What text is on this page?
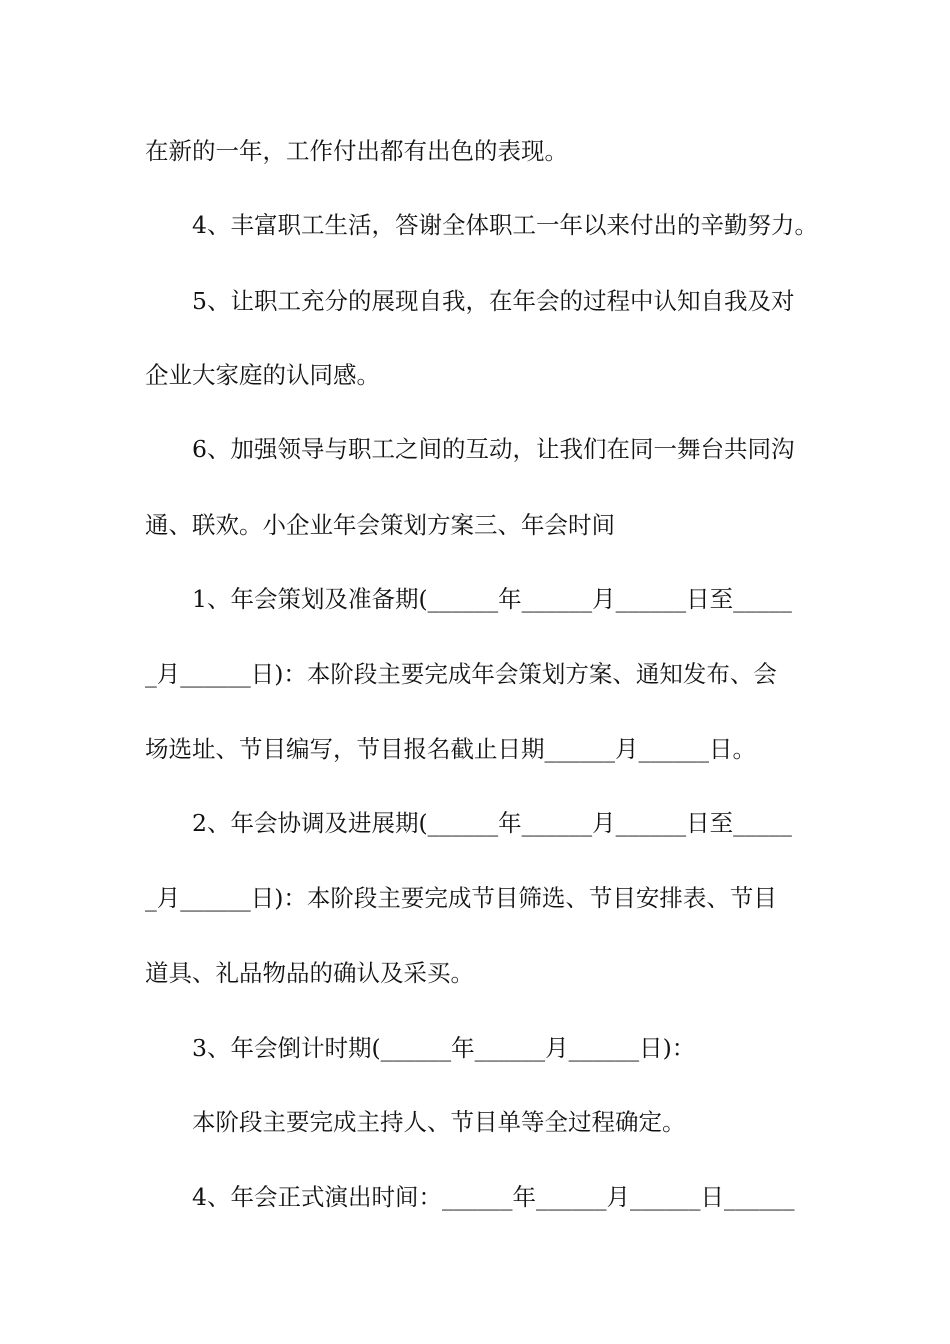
在新的一年，工作付出都有出色的表现。
4、丰富职工生活，答谢全体职工一年以来付出的辛勤努力。
5、让职工充分的展现自我，在年会的过程中认知自我及对
企业大家庭的认同感。
6、加强领导与职工之间的互动，让我们在同一舞台共同沟
通、联欢。小企业年会策划方案三、年会时间
1、年会策划及准备期(______年______月______日至_____
_月______日)：本阶段主要完成年会策划方案、通知发布、会
场选址、节目编写，节目报名截止日期______月______日。
2、年会协调及进展期(______年______月______日至_____
_月______日)：本阶段主要完成节目筛选、节目安排表、节目
道具、礼品物品的确认及采买。
3、年会倒计时期(______年______月______日)：
本阶段主要完成主持人、节目单等全过程确定。
4、年会正式演出时间：______年______月______日______
